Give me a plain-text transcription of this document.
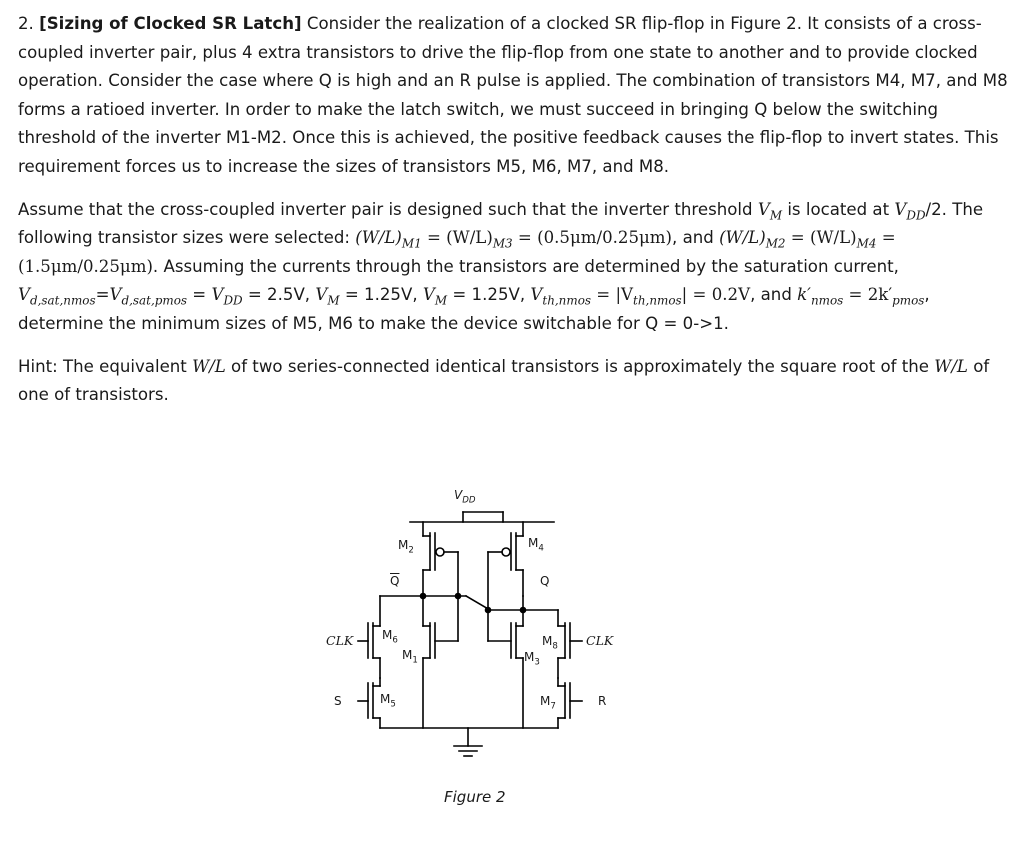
2. [Sizing of Clocked SR Latch] Consider the realization of a clocked SR flip-flop in Figure 2. It consists of a cross-coupled inverter pair, plus 4 extra transistors to drive the flip-flop from one state to another and to provide clocked operation. Consider the case where Q is high and an R pulse is applied. The combination of transistors M4, M7, and M8 forms a ratioed inverter. In order to make the latch switch, we must succeed in bringing Q below the switching threshold of the inverter M1-M2. Once this is achieved, the positive feedback causes the flip-flop to invert states. This requirement forces us to increase the sizes of transistors M5, M6, M7, and M8.

Assume that the cross-coupled inverter pair is designed such that the inverter threshold $V_M$ is located at $V_{DD}/2$. The following transistor sizes were selected: $(W/L)_{M1} = (W/L)_{M3} = (0.5\mu m/0.25\mu m)$, and $(W/L)_{M2} = (W/L)_{M4} = (1.5\mu m/0.25\mu m)$. Assuming the currents through the transistors are determined by the saturation current, $V_{d,sat,nmos}=V_{d,sat,pmos} = V_{DD} = 2.5V$, $V_M = 1.25V$, $V_M = 1.25V$, $V_{th,nmos} = |V_{th,nmos}| = 0.2V$, and $k'_{nmos} = 2k'_{pmos}$, determine the minimum sizes of M5, M6 to make the device switchable for Q = 0->1.

Hint: The equivalent W/L of two series-connected identical transistors is approximately the square root of the W/L of one of transistors.

$V_{DD}$
$M_2$
$M_4$
$\overline{Q}$	Q
CLK $M_6$
$M_1$
$M_8$ CLK
$M_3$
S	$M_5$	$M_7$	R
Figure 2
